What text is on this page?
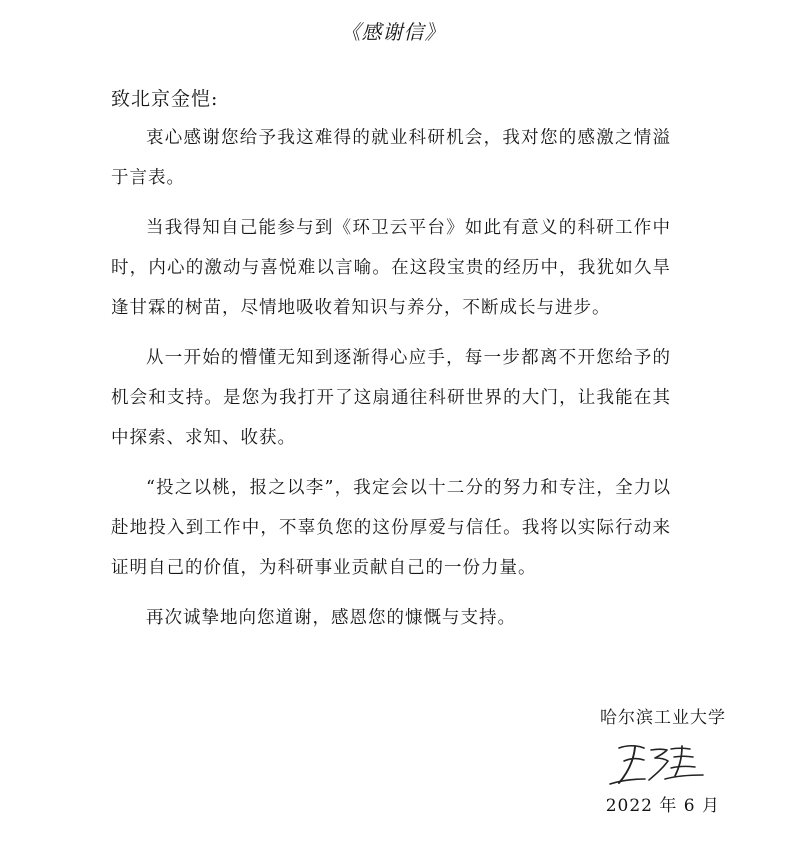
《感谢信》
致北京金恺:

衷心感谢您给予我这难得的就业科研机会，我对您的感激之情溢于言表。

当我得知自己能参与到《环卫云平台》如此有意义的科研工作中时，内心的激动与喜悦难以言喻。在这段宝贵的经历中，我犹如久旱逢甘霖的树苗，尽情地吸收着知识与养分，不断成长与进步。

从一开始的懵懂无知到逐渐得心应手，每一步都离不开您给予的机会和支持。是您为我打开了这扇通往科研世界的大门，让我能在其中探索、求知、收获。

“投之以桃，报之以李”，我定会以十二分的努力和专注，全力以赴地投入到工作中，不辜负您的这份厚爱与信任。我将以实际行动来证明自己的价值，为科研事业贡献自己的一份力量。

再次诚挚地向您道谢，感恩您的慷慨与支持。

哈尔滨工业大学
2022 年 6 月
